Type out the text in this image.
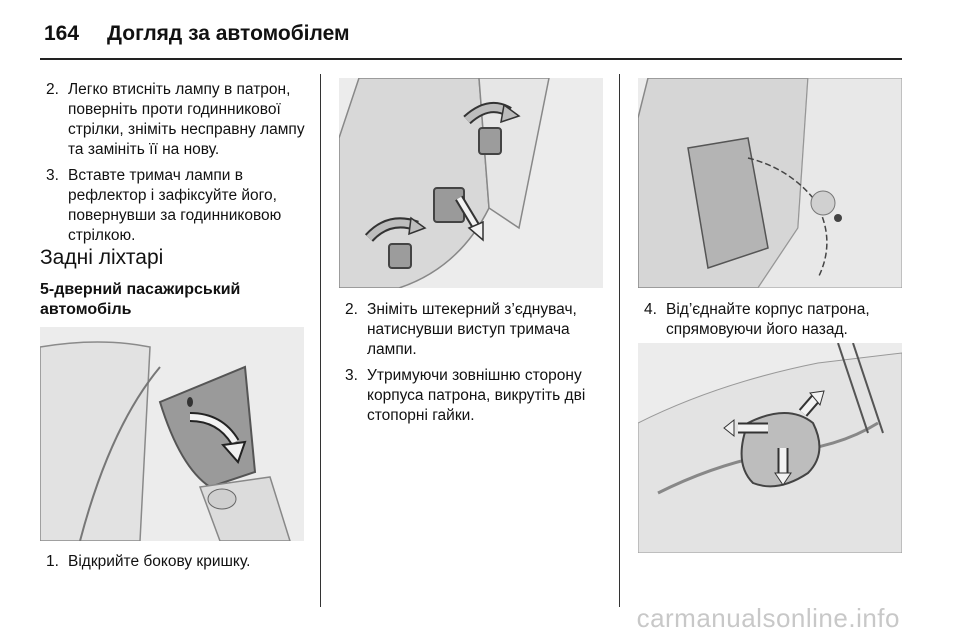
164 Догляд за автомобілем
2. Легко втисніть лампу в патрон, поверніть проти годинникової стрілки, зніміть несправну лампу та замініть її на нову.
3. Вставте тримач лампи в рефлектор і зафіксуйте його, повернувши за годинниковою стрілкою.
Задні ліхтарі
5-дверний пасажирський автомобіль
1. Відкрийте бокову кришку.
2. Зніміть штекерний з’єднувач, натиснувши виступ тримача лампи.
3. Утримуючи зовнішню сторону корпуса патрона, викрутіть дві стопорні гайки.
4. Від’єднайте корпус патрона, спрямовуючи його назад.
carmanualsonline.info
